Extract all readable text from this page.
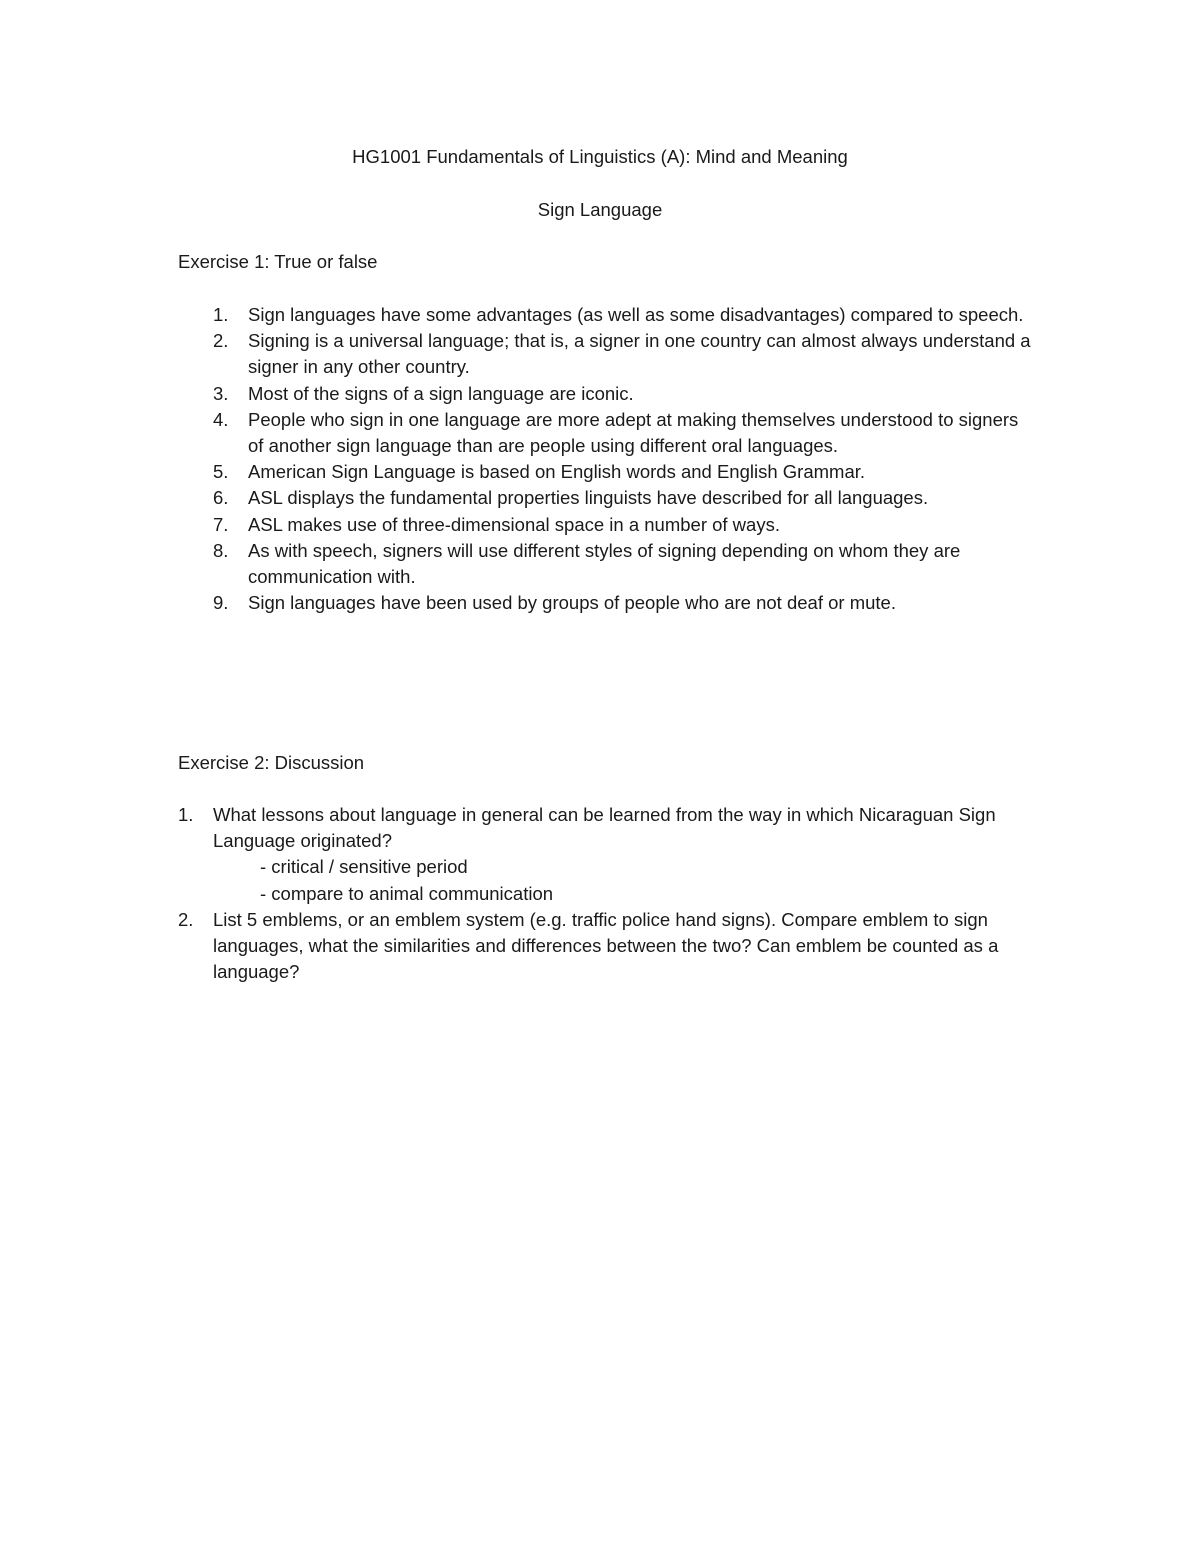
HG1001 Fundamentals of Linguistics (A): Mind and Meaning
Sign Language
Exercise 1: True or false
1. Sign languages have some advantages (as well as some disadvantages) compared to speech.
2. Signing is a universal language; that is, a signer in one country can almost always understand a signer in any other country.
3. Most of the signs of a sign language are iconic.
4. People who sign in one language are more adept at making themselves understood to signers of another sign language than are people using different oral languages.
5. American Sign Language is based on English words and English Grammar.
6. ASL displays the fundamental properties linguists have described for all languages.
7. ASL makes use of three-dimensional space in a number of ways.
8. As with speech, signers will use different styles of signing depending on whom they are communication with.
9. Sign languages have been used by groups of people who are not deaf or mute.
Exercise 2: Discussion
1. What lessons about language in general can be learned from the way in which Nicaraguan Sign Language originated?
- critical / sensitive period
- compare to animal communication
2. List 5 emblems, or an emblem system (e.g. traffic police hand signs). Compare emblem to sign languages, what the similarities and differences between the two? Can emblem be counted as a language?
